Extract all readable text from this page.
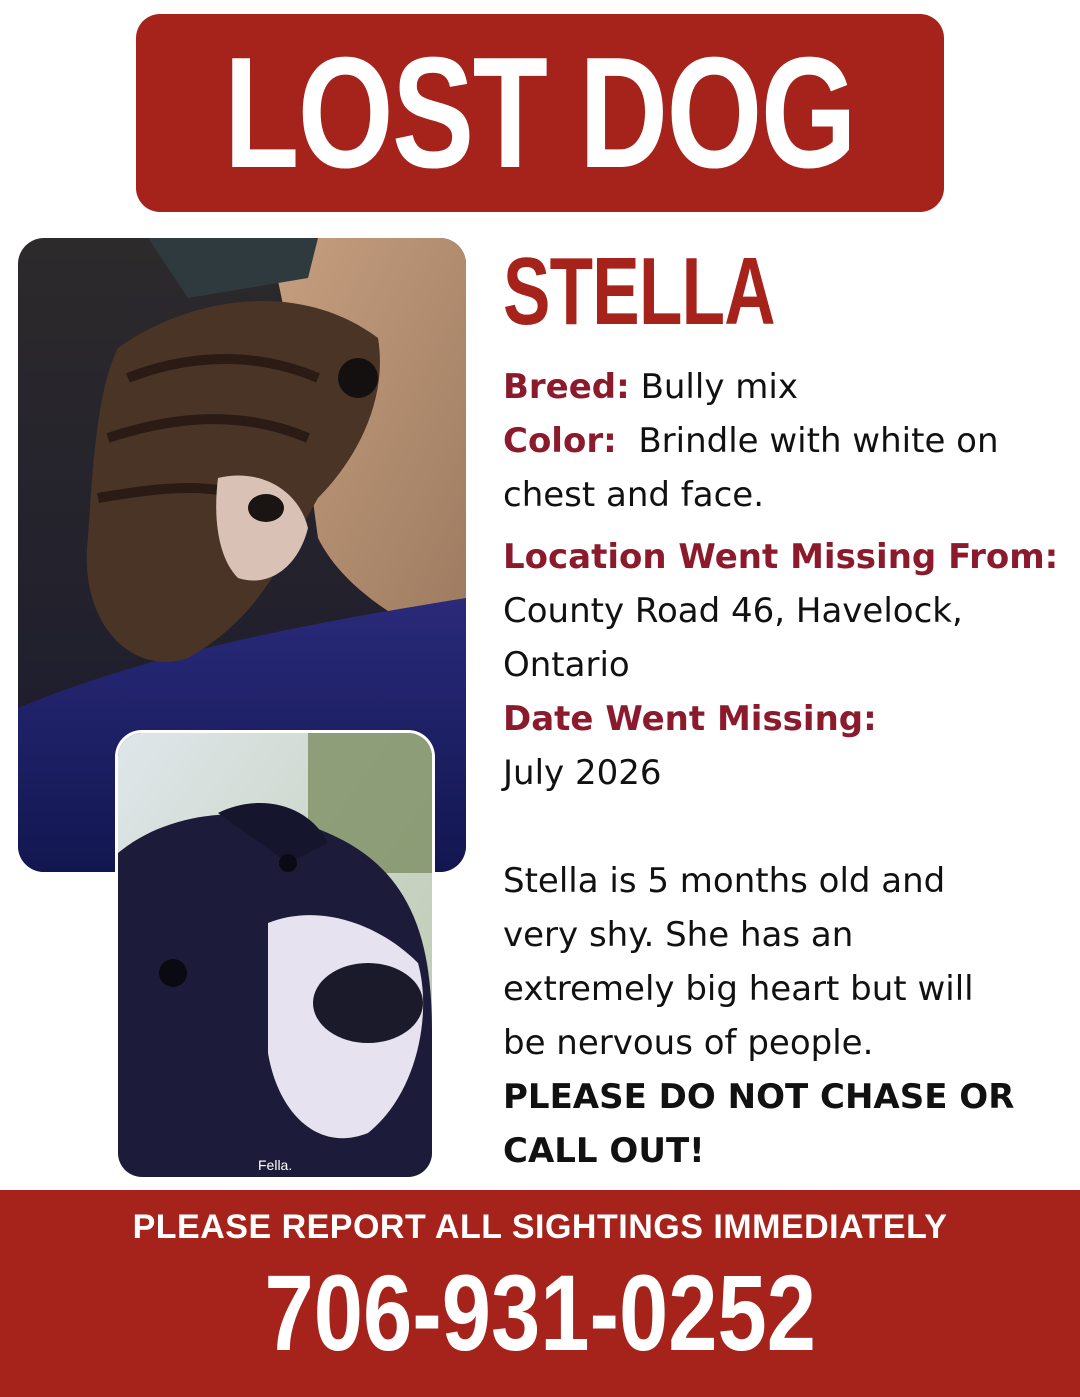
LOST DOG
Fella.
STELLA

Breed: Bully mix

Color: Brindle with white on chest and face.

Location Went Missing From:

County Road 46, Havelock, Ontario

Date Went Missing:

July 2026

Stella is 5 months old and very shy. She has an extremely big heart but will be nervous of people.

PLEASE DO NOT CHASE OR CALL OUT!

PLEASE REPORT ALL SIGHTINGS IMMEDIATELY
706-931-0252
